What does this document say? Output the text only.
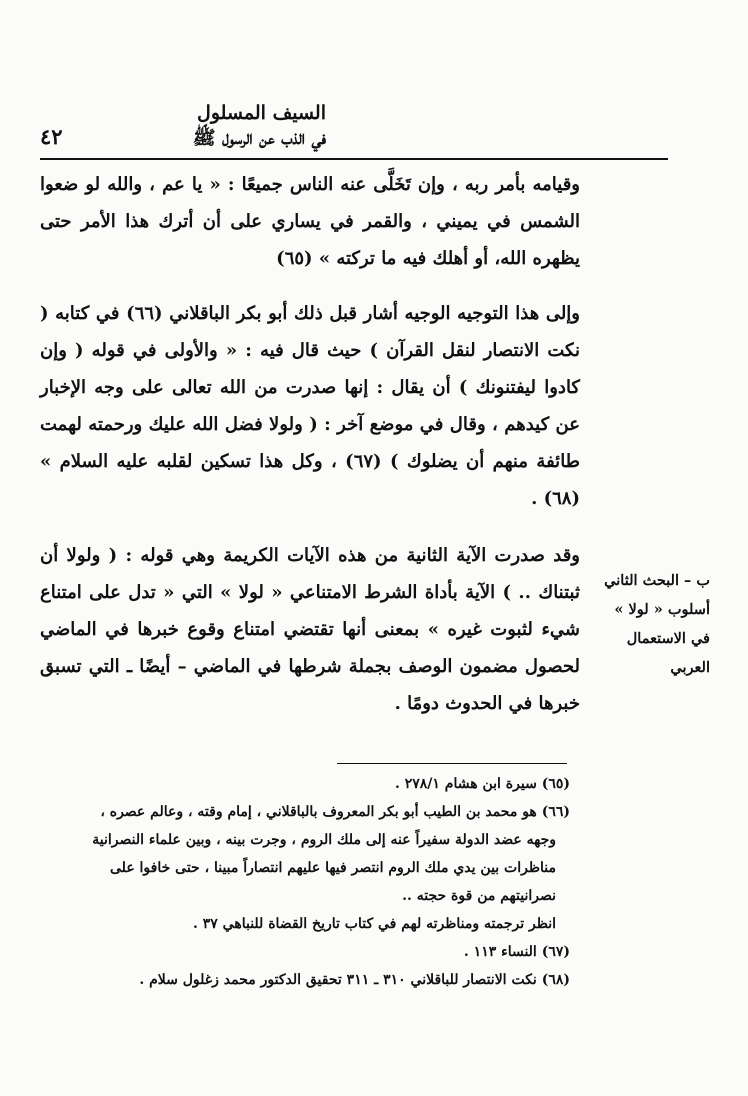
السيف المسلول
في الذب عن الرسول ﷺ
٤٢

وقيامه بأمر ربه ، وإن تَخَلَّى عنه الناس جميعًا : « يا عم ، والله لو ضعوا الشمس في يميني ، والقمر في يساري على أن أترك هذا الأمر حتى يظهره الله، أو أهلك فيه ما تركته » (٦٥)

وإلى هذا التوجيه الوجيه أشار قبل ذلك أبو بكر الباقلاني (٦٦) في كتابه ( نكت الانتصار لنقل القرآن ) حيث قال فيه : « والأولى في قوله ( وإن كادوا ليفتنونك ) أن يقال : إنها صدرت من الله تعالى على وجه الإخبار عن كيدهم ، وقال في موضع آخر : ( ولولا فضل الله عليك ورحمته لهمت طائفة منهم أن يضلوك ) (٦٧) ، وكل هذا تسكين لقلبه عليه السلام » (٦٨) .

وقد صدرت الآية الثانية من هذه الآيات الكريمة وهي قوله : ( ولولا أن ثبتناك .. ) الآية بأداة الشرط الامتناعي « لولا » التي « تدل على امتناع شيء لثبوت غيره » بمعنى أنها تقتضي امتناع وقوع خبرها في الماضي لحصول مضمون الوصف بجملة شرطها في الماضي – أيضًا ـ التي تسبق خبرها في الحدوث دومًا .

ب – البحث الثاني
أسلوب « لولا »
في الاستعمال
العربي

(٦٥) سيرة ابن هشام ٢٧٨/١ .

(٦٦) هو محمد بن الطيب أبو بكر المعروف بالباقلاني ، إمام وقته ، وعالم عصره ،

وجهه عضد الدولة سفيراً عنه إلى ملك الروم ، وجرت بينه ، وبين علماء النصرانية

مناظرات بين يدي ملك الروم انتصر فيها عليهم انتصاراً مبينا ، حتى خافوا على

نصرانيتهم من قوة حجته ..

انظر ترجمته ومناظرته لهم في كتاب تاريخ القضاة للنباهي ٣٧ .

(٦٧) النساء ١١٣ .

(٦٨) نكت الانتصار للباقلاني ٣١٠ ـ ٣١١ تحقيق الدكتور محمد زغلول سلام .
